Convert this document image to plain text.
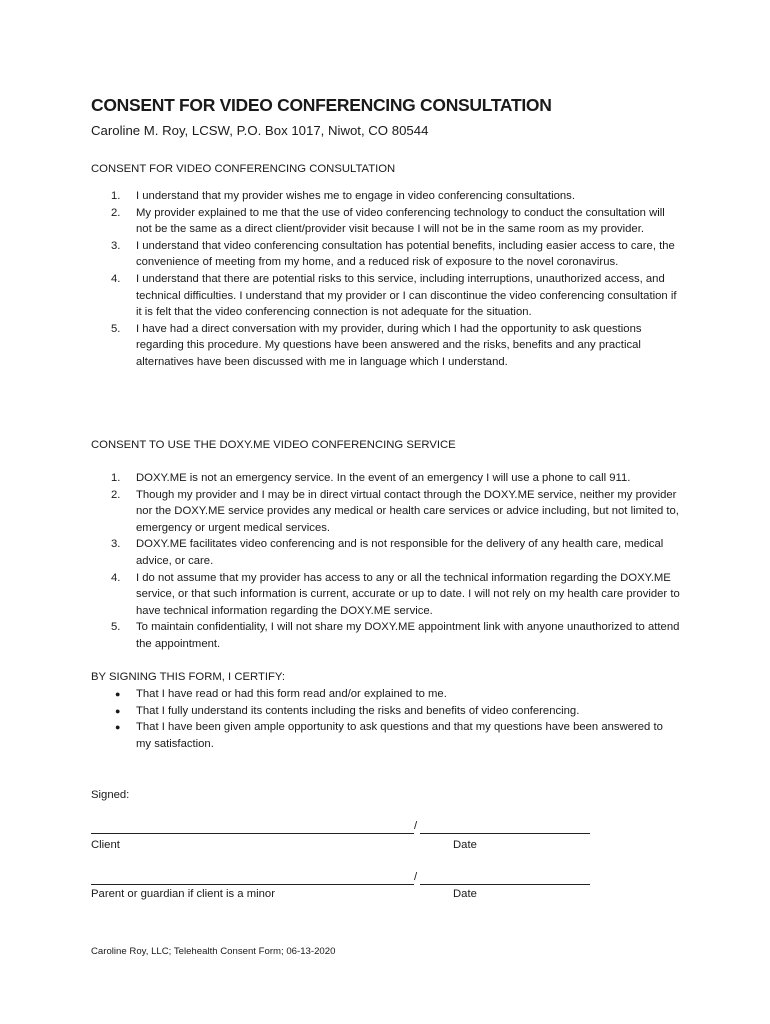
CONSENT FOR VIDEO CONFERENCING CONSULTATION
Caroline M. Roy, LCSW, P.O. Box 1017, Niwot, CO 80544
CONSENT FOR VIDEO CONFERENCING CONSULTATION
1. I understand that my provider wishes me to engage in video conferencing consultations.
2. My provider explained to me that the use of video conferencing technology to conduct the consultation will not be the same as a direct client/provider visit because I will not be in the same room as my provider.
3. I understand that video conferencing consultation has potential benefits, including easier access to care, the convenience of meeting from my home, and a reduced risk of exposure to the novel coronavirus.
4. I understand that there are potential risks to this service, including interruptions, unauthorized access, and technical difficulties. I understand that my provider or I can discontinue the video conferencing consultation if it is felt that the video conferencing connection is not adequate for the situation.
5. I have had a direct conversation with my provider, during which I had the opportunity to ask questions regarding this procedure. My questions have been answered and the risks, benefits and any practical alternatives have been discussed with me in language which I understand.
CONSENT TO USE THE DOXY.ME VIDEO CONFERENCING SERVICE
1. DOXY.ME is not an emergency service. In the event of an emergency I will use a phone to call 911.
2. Though my provider and I may be in direct virtual contact through the DOXY.ME service, neither my provider nor the DOXY.ME service provides any medical or health care services or advice including, but not limited to, emergency or urgent medical services.
3. DOXY.ME facilitates video conferencing and is not responsible for the delivery of any health care, medical advice, or care.
4. I do not assume that my provider has access to any or all the technical information regarding the DOXY.ME service, or that such information is current, accurate or up to date. I will not rely on my health care provider to have technical information regarding the DOXY.ME service.
5. To maintain confidentiality, I will not share my DOXY.ME appointment link with anyone unauthorized to attend the appointment.
BY SIGNING THIS FORM, I CERTIFY:
● That I have read or had this form read and/or explained to me.
● That I fully understand its contents including the risks and benefits of video conferencing.
● That I have been given ample opportunity to ask questions and that my questions have been answered to my satisfaction.
Signed:
/
Client	Date
/
Parent or guardian if client is a minor	Date
Caroline Roy, LLC; Telehealth Consent Form; 06-13-2020
